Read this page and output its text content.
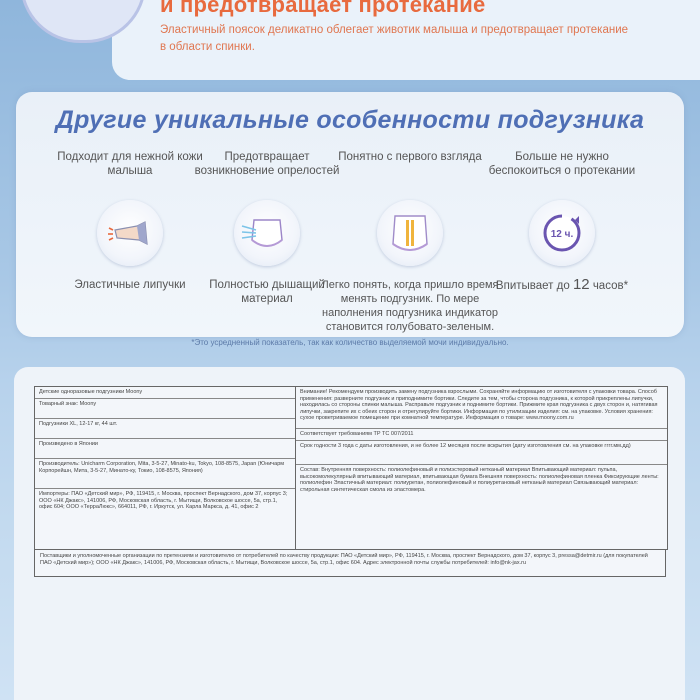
и предотвращает протекание
Эластичный поясок деликатно облегает животик малыша и предотвращает протекание в области спинки.
Другие уникальные особенности подгузника
Подходит для нежной кожи малыша
Эластичные липучки
Предотвращает возникновение опрелостей
Полностью дышащий материал
Понятно с первого взгляда
Легко понять, когда пришло время менять подгузник. По мере наполнения подгузника индикатор становится голубовато-зеленым.
Больше не нужно беспокоиться о протекании
12 ч.
Впитывает до 12 часов*
*Это усредненный показатель, так как количество выделяемой мочи индивидуально.
Детские одноразовые подгузники Moony
Товарный знак: Moony
Подгузники XL, 12-17 кг, 44 шт.
Произведено в Японии
Производитель: Unicharm Corporation, Mita, 3-5-27, Minato-ku, Tokyo, 108-8575, Japan (Юничарм Корпорейшн, Мита, 3-5-27, Минато-ку, Токио, 108-8575, Япония)
Импортеры: ПАО «Детский мир», РФ, 119415, г. Москва, проспект Вернадского, дом 37, корпус 3; ООО «НК Джакс», 141006, РФ, Московская область, г. Мытищи, Волковское шоссе, 5а, стр.1, офис 604; ООО «ТерраЛюкс», 664011, РФ, г. Иркутск, ул. Карла Маркса, д. 41, офис 2
Внимание! Рекомендуем производить замену подгузника взрослыми. Сохраняйте информацию от изготовителя с упаковки товара. Способ применения: разверните подгузник и приподнимите бортики. Следите за тем, чтобы сторона подгузника, к которой прикреплены липучки, находилась со стороны спинки малыша. Расправьте подгузник и поднимите бортики. Прижмите края подгузника с двух сторон и, натягивая липучки, закрепите их с обеих сторон и отрегулируйте бортики. Информация по утилизации изделия: см. на упаковке. Условия хранения: сухое проветриваемое помещение при комнатной температуре. Информация о товаре: www.moony.com.ru
Соответствует требованиям ТР ТС 007/2011
Срок годности 3 года с даты изготовления, и не более 12 месяцев после вскрытия (дату изготовления см. на упаковке гггг.мм.дд)
Состав: Внутренняя поверхность: полиолефиновый и полиэстеровый нетканый материал Впитывающий материал: пульпа, высокомолекулярный впитывающий материал, впитывающая бумага Внешняя поверхность: полиолефиновая пленка Фиксирующие ленты: полиолефин Эластичный материал: полиуретан, полиолефиновый и полиуретановый нетканый материал Связывающий материал: стирольная синтетическая смола из эластомера.
Поставщики и уполномоченные организации по претензиям и изготовителю от потребителей по качеству продукции: ПАО «Детский мир», РФ, 119415, г. Москва, проспект Вернадского, дом 37, корпус 3, pressa@detmir.ru (для покупателей ПАО «Детский мир»); ООО «НК Джакс», 141006, РФ, Московская область, г. Мытищи, Волковское шоссе, 5а, стр.1, офис 604. Адрес электронной почты службы потребителей: info@nk-jax.ru
